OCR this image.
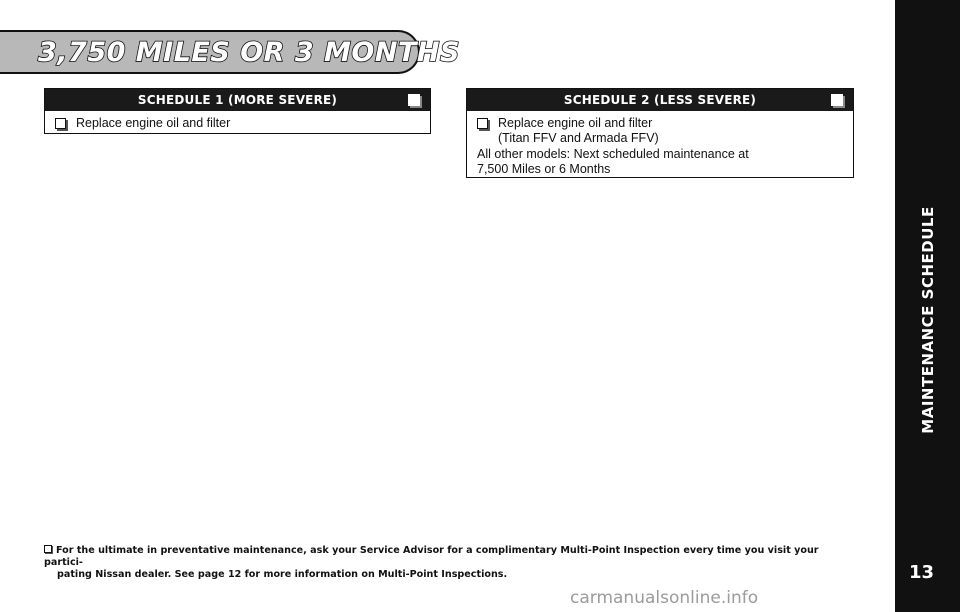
3,750 MILES OR 3 MONTHS
SCHEDULE 1 (MORE SEVERE)
Replace engine oil and filter
SCHEDULE 2 (LESS SEVERE)
Replace engine oil and filter
(Titan FFV and Armada FFV)
All other models: Next scheduled maintenance at
7,500 Miles or 6 Months
For the ultimate in preventative maintenance, ask your Service Advisor for a complimentary Multi-Point Inspection every time you visit your partici-
pating Nissan dealer. See page 12 for more information on Multi-Point Inspections.
MAINTENANCE SCHEDULE
13
carmanualsonline.info
